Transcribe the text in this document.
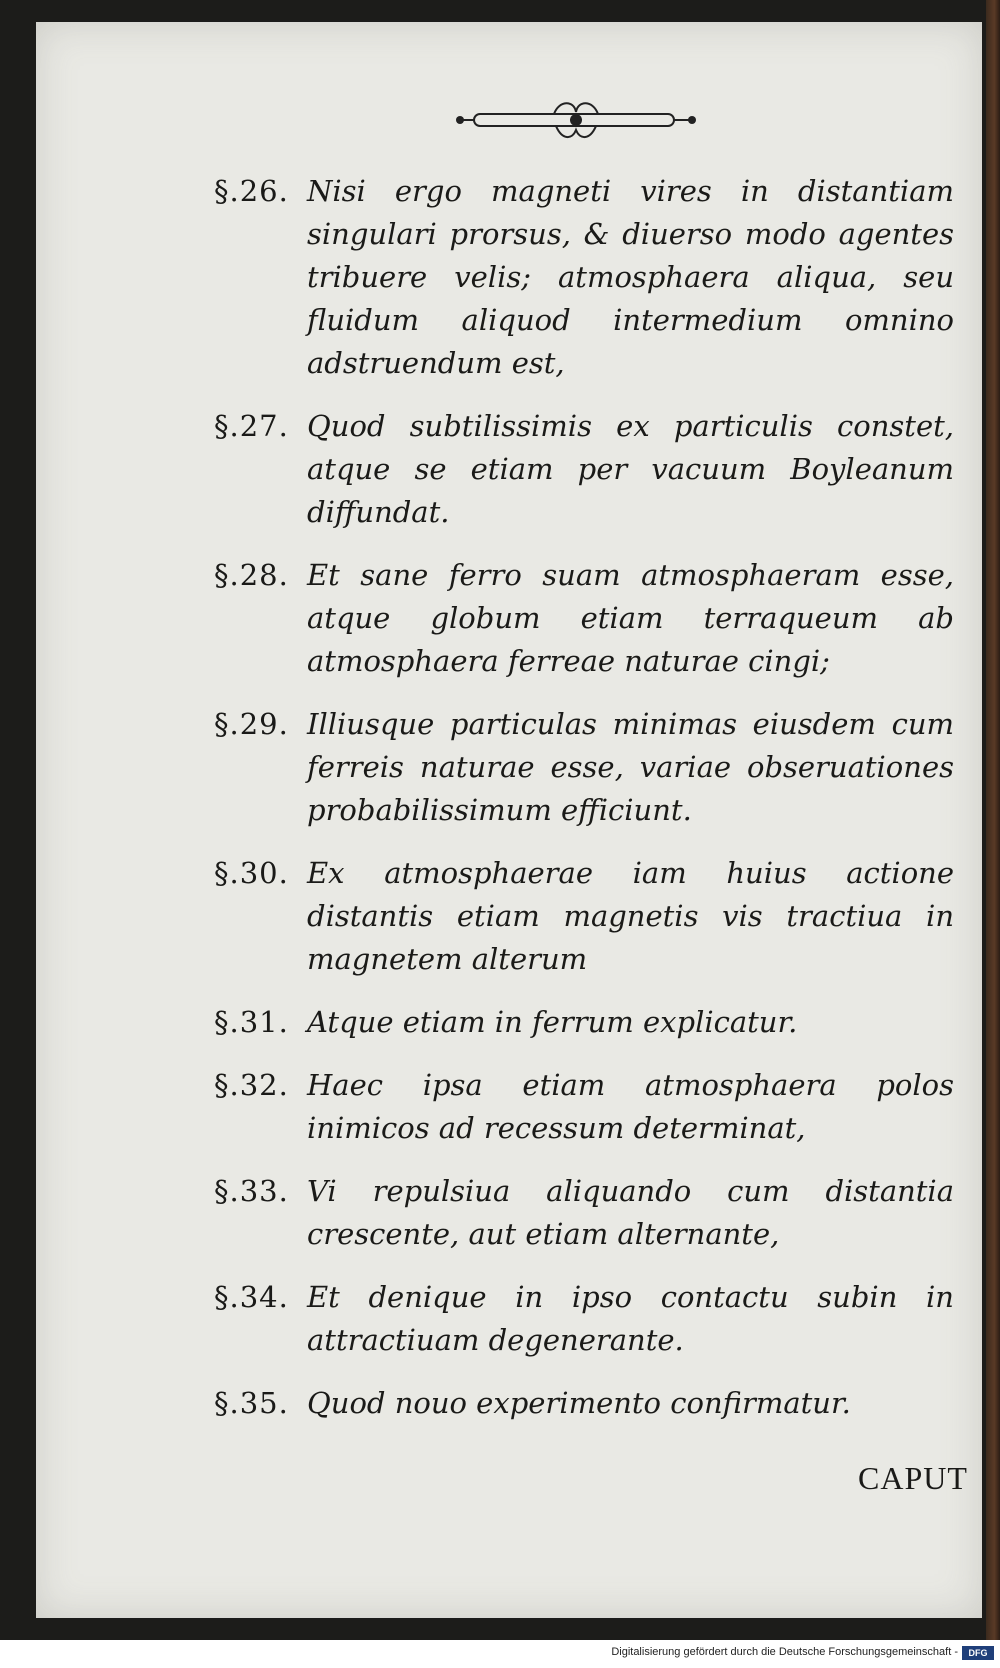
§.26. Nisi ergo magneti vires in distantiam singulari prorsus, & diuerso modo agentes tribuere velis; atmosphaera aliqua, seu fluidum aliquod intermedium omnino adstruendum est,
§.27. Quod subtilissimis ex particulis constet, atque se etiam per vacuum Boyleanum diffundat.
§.28. Et sane ferro suam atmosphaeram esse, atque globum etiam terraqueum ab atmosphaera ferreae naturae cingi;
§.29. Illiusque particulas minimas eiusdem cum ferreis naturae esse, variae obseruationes probabilissimum efficiunt.
§.30. Ex atmosphaerae iam huius actione distantis etiam magnetis vis tractiua in magnetem alterum
§.31. Atque etiam in ferrum explicatur.
§.32. Haec ipsa etiam atmosphaera polos inimicos ad recessum determinat,
§.33. Vi repulsiua aliquando cum distantia crescente, aut etiam alternante,
§.34. Et denique in ipso contactu subin in attractiuam degenerante.
§.35. Quod nouo experimento confirmatur.
CAPUT
Digitalisierung gefördert durch die Deutsche Forschungsgemeinschaft -	DFG
